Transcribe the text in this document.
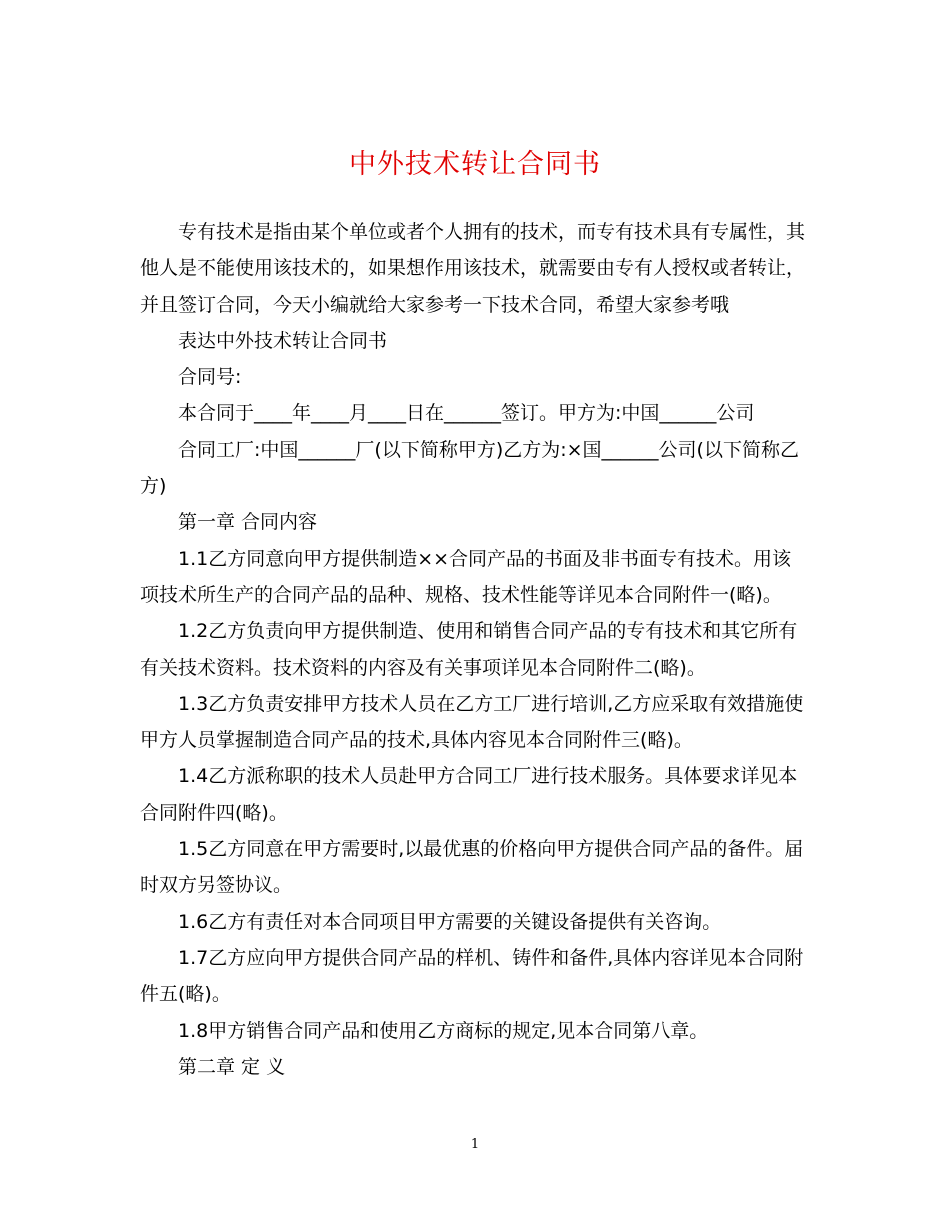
中外技术转让合同书

专有技术是指由某个单位或者个人拥有的技术，而专有技术具有专属性，其他人是不能使用该技术的，如果想作用该技术，就需要由专有人授权或者转让，并且签订合同，今天小编就给大家参考一下技术合同，希望大家参考哦

表达中外技术转让合同书

合同号:

本合同于____年____月____日在______签订。甲方为:中国______公司

合同工厂:中国______厂(以下简称甲方)乙方为:×国______公司(以下简称乙方)

第一章 合同内容

1.1乙方同意向甲方提供制造××合同产品的书面及非书面专有技术。用该项技术所生产的合同产品的品种、规格、技术性能等详见本合同附件一(略)。

1.2乙方负责向甲方提供制造、使用和销售合同产品的专有技术和其它所有有关技术资料。技术资料的内容及有关事项详见本合同附件二(略)。

1.3乙方负责安排甲方技术人员在乙方工厂进行培训,乙方应采取有效措施使甲方人员掌握制造合同产品的技术,具体内容见本合同附件三(略)。

1.4乙方派称职的技术人员赴甲方合同工厂进行技术服务。具体要求详见本合同附件四(略)。

1.5乙方同意在甲方需要时,以最优惠的价格向甲方提供合同产品的备件。届时双方另签协议。

1.6乙方有责任对本合同项目甲方需要的关键设备提供有关咨询。

1.7乙方应向甲方提供合同产品的样机、铸件和备件,具体内容详见本合同附件五(略)。

1.8甲方销售合同产品和使用乙方商标的规定,见本合同第八章。

第二章 定 义

1
